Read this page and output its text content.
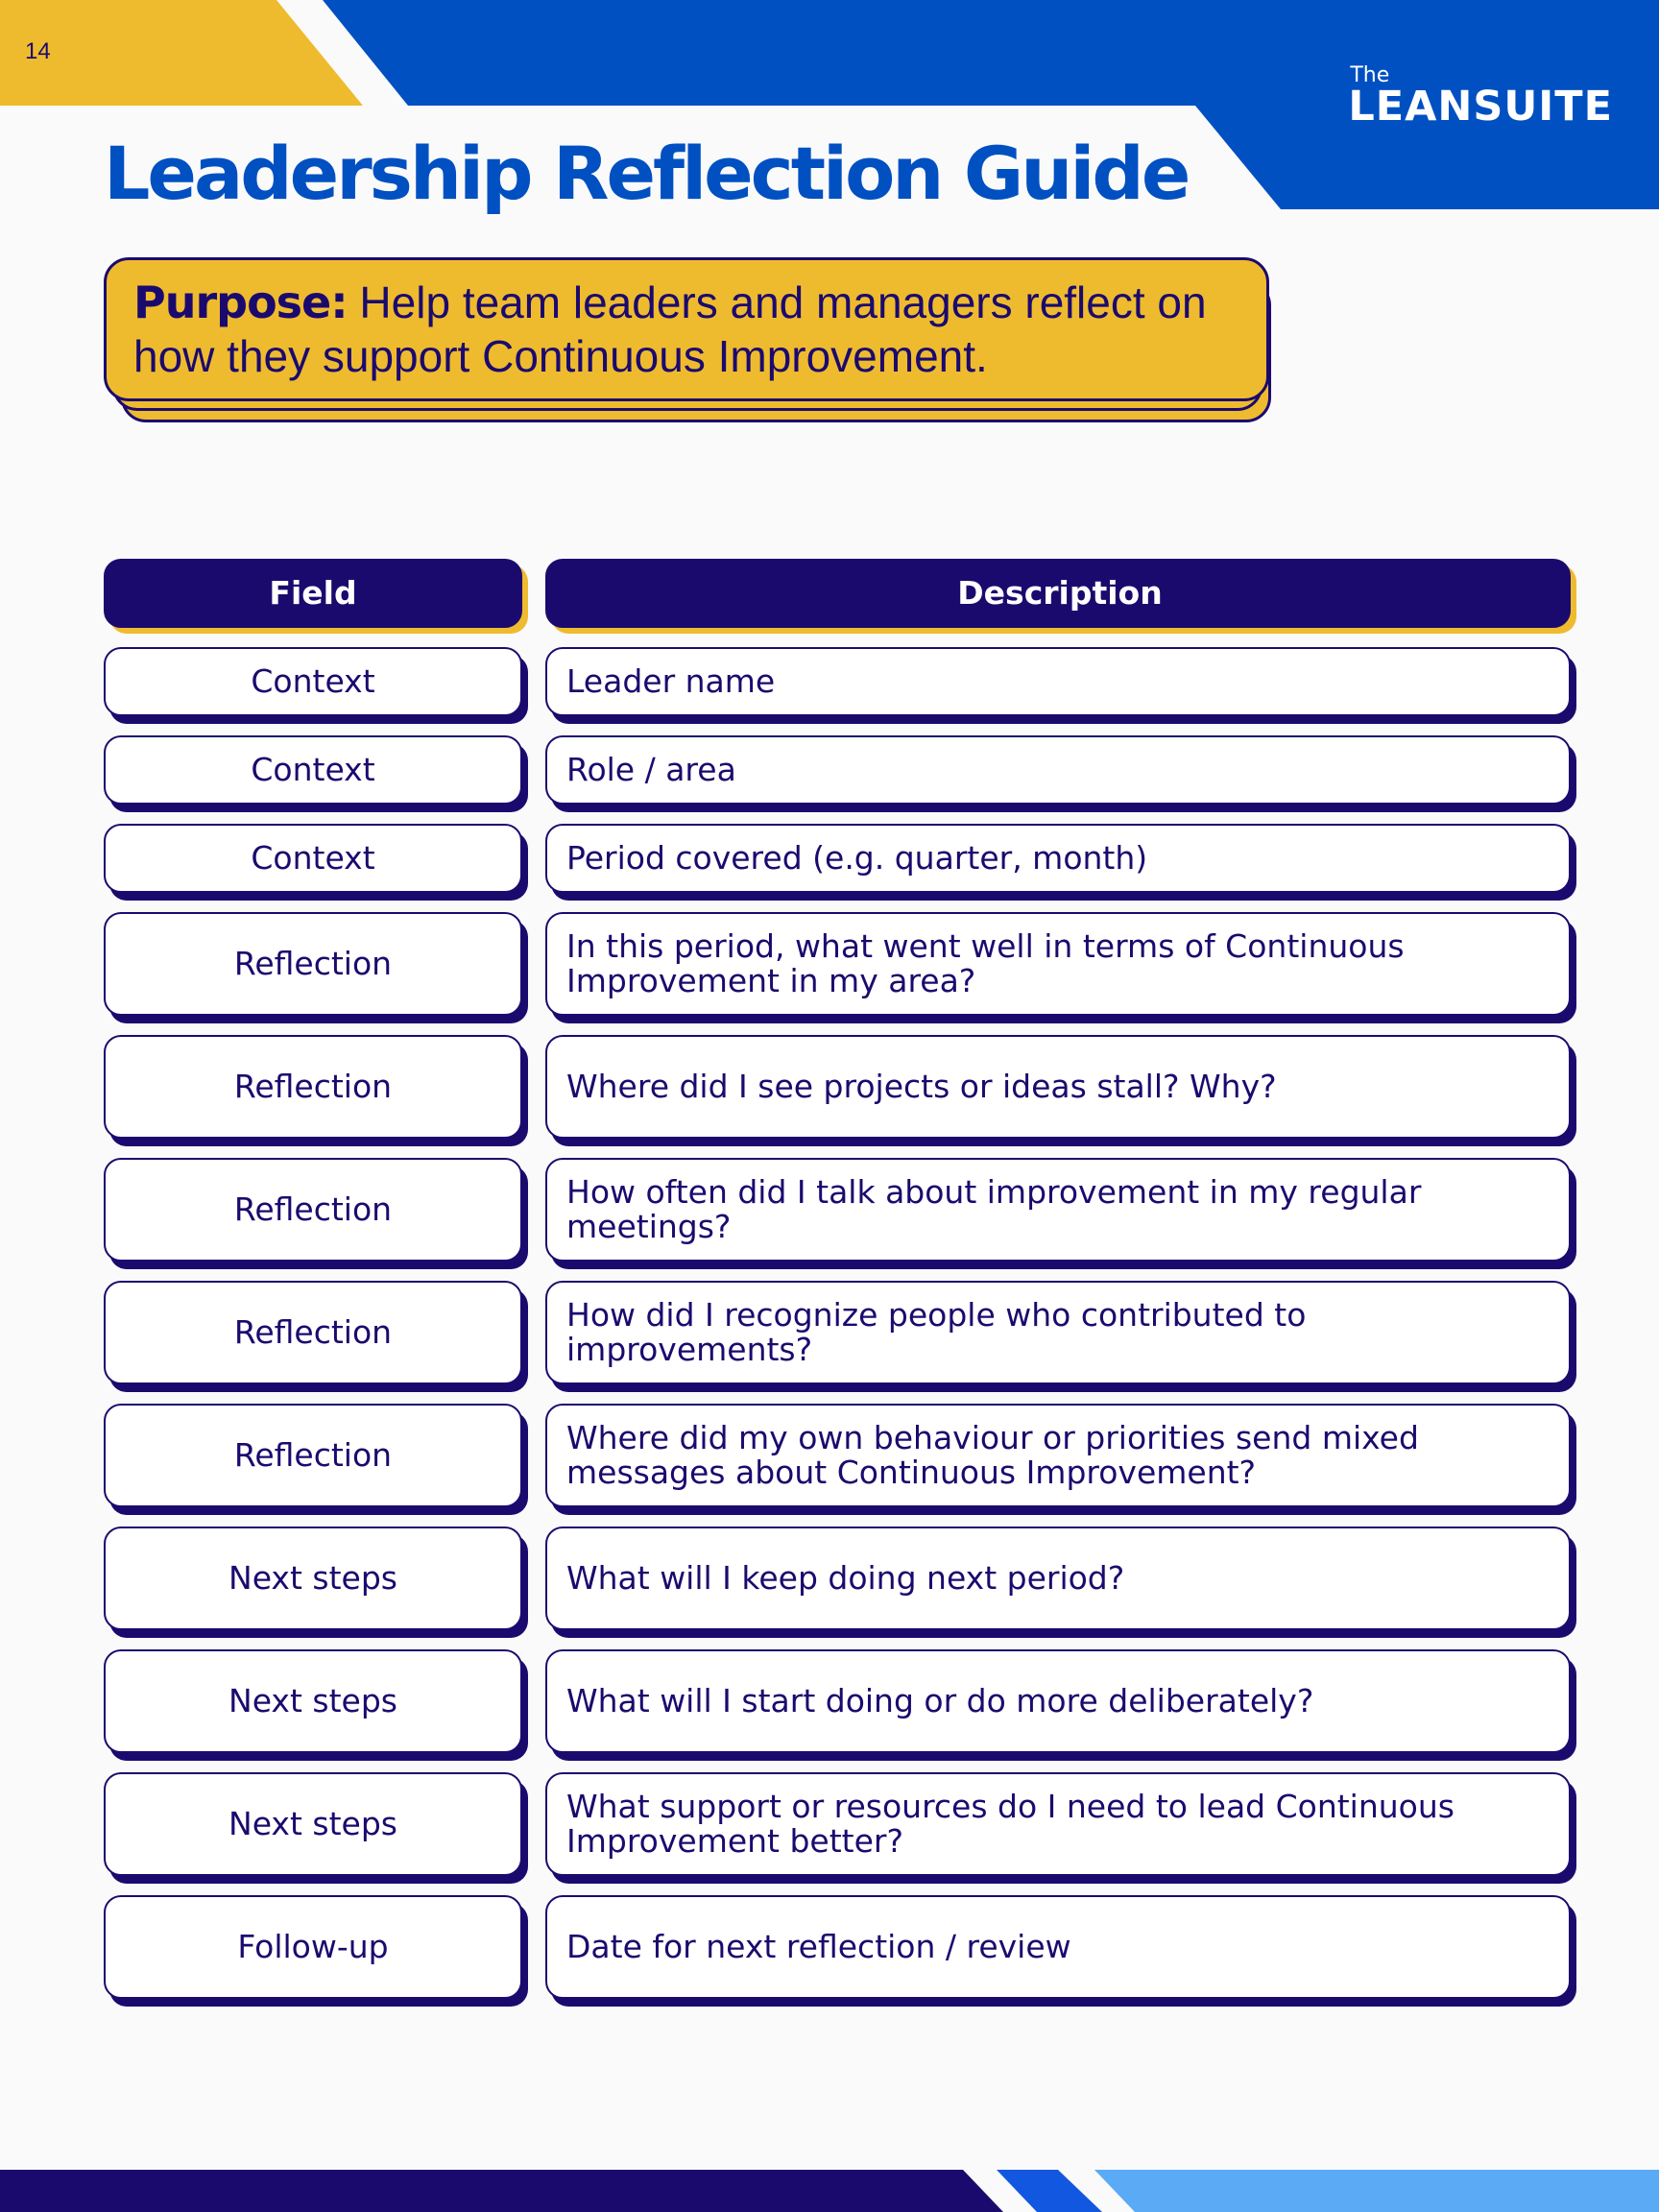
14
The
LEANSUITE
Leadership Reflection Guide
Purpose: Help team leaders and managers reflect on how they support Continuous Improvement.
Field	Description
Context	Leader name
Context	Role / area
Context	Period covered (e.g. quarter, month)
Reflection	In this period, what went well in terms of Continuous Improvement in my area?
Reflection	Where did I see projects or ideas stall? Why?
Reflection	How often did I talk about improvement in my regular meetings?
Reflection	How did I recognize people who contributed to improvements?
Reflection	Where did my own behaviour or priorities send mixed messages about Continuous Improvement?
Next steps	What will I keep doing next period?
Next steps	What will I start doing or do more deliberately?
Next steps	What support or resources do I need to lead Continuous Improvement better?
Follow-up	Date for next reflection / review
